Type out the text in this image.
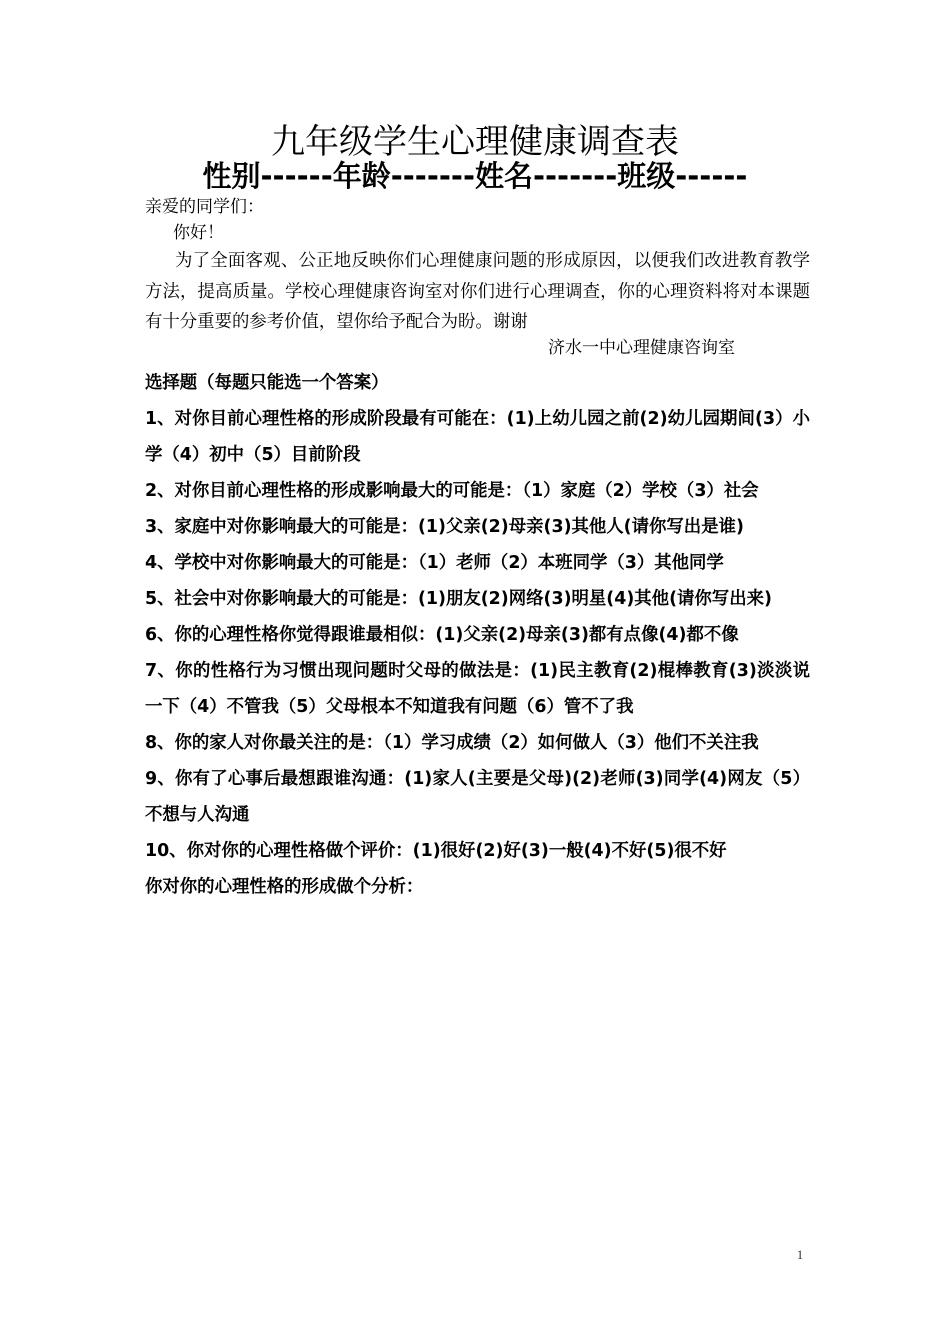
九年级学生心理健康调查表
性别------年龄-------姓名-------班级------
亲爱的同学们：
你好！
为了全面客观、公正地反映你们心理健康问题的形成原因，以便我们改进教育教学方法，提高质量。学校心理健康咨询室对你们进行心理调查，你的心理资料将对本课题有十分重要的参考价值，望你给予配合为盼。谢谢
济水一中心理健康咨询室

选择题（每题只能选一个答案）

1、对你目前心理性格的形成阶段最有可能在：(1)上幼儿园之前(2)幼儿园期间(3）小学（4）初中（5）目前阶段

2、对你目前心理性格的形成影响最大的可能是：（1）家庭（2）学校（3）社会

3、家庭中对你影响最大的可能是：(1)父亲(2)母亲(3)其他人(请你写出是谁)

4、学校中对你影响最大的可能是：（1）老师（2）本班同学（3）其他同学

5、社会中对你影响最大的可能是：(1)朋友(2)网络(3)明星(4)其他(请你写出来)

6、你的心理性格你觉得跟谁最相似：(1)父亲(2)母亲(3)都有点像(4)都不像

7、你的性格行为习惯出现问题时父母的做法是：(1)民主教育(2)棍棒教育(3)淡淡说一下（4）不管我（5）父母根本不知道我有问题（6）管不了我

8、你的家人对你最关注的是：（1）学习成绩（2）如何做人（3）他们不关注我

9、你有了心事后最想跟谁沟通：(1)家人(主要是父母)(2)老师(3)同学(4)网友（5）不想与人沟通

10、你对你的心理性格做个评价：(1)很好(2)好(3)一般(4)不好(5)很不好

你对你的心理性格的形成做个分析：

1
